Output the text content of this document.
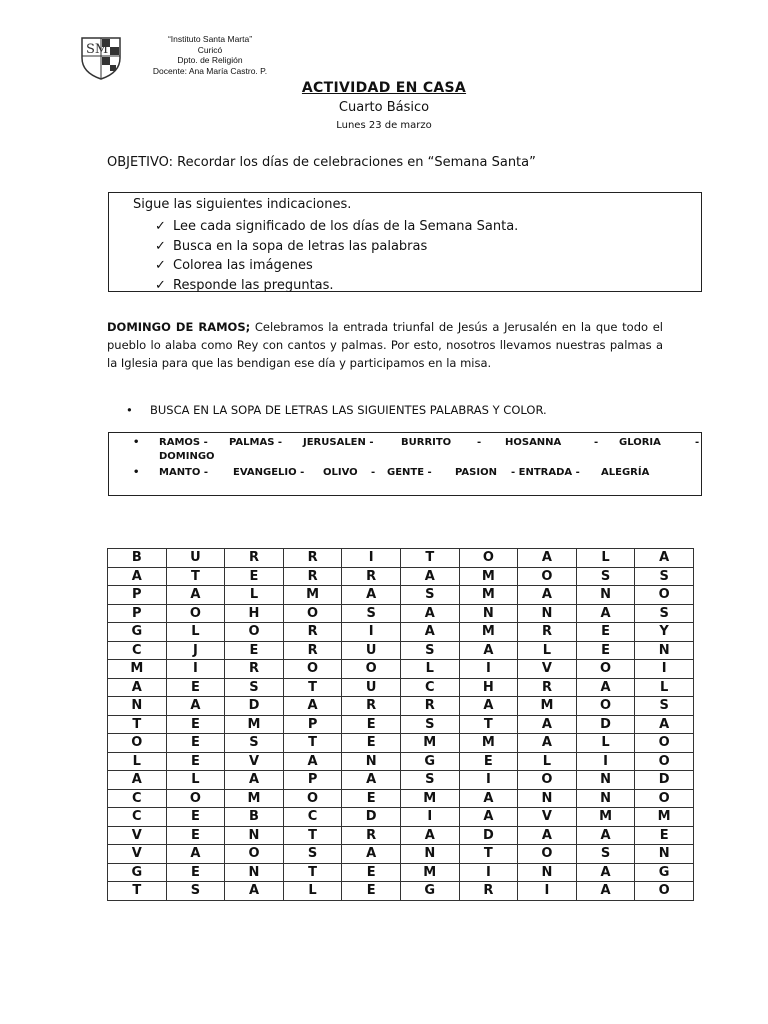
SM
“Instituto Santa Marta”
Curicó
Dpto. de Religión
Docente: Ana María Castro. P.
ACTIVIDAD EN CASA
Cuarto Básico
Lunes 23 de marzo
OBJETIVO: Recordar los días de celebraciones en “Semana Santa”
Sigue las siguientes indicaciones.
✓ Lee cada significado de los días de la Semana Santa.
✓ Busca en la sopa de letras las palabras
✓ Colorea las imágenes
✓ Responde las preguntas.
DOMINGO DE RAMOS; Celebramos la entrada triunfal de Jesús a Jerusalén en la que todo el pueblo lo alaba como Rey con cantos y palmas. Por esto, nosotros llevamos nuestras palmas a la Iglesia para que las bendigan ese día y participamos en la misa.
•	BUSCA EN LA SOPA DE LETRAS LAS SIGUIENTES PALABRAS Y COLOR.
• RAMOS - PALMAS - JERUSALEN -	BURRITO	- HOSANNA	- GLORIA	-
DOMINGO
• MANTO - EVANGELIO - OLIVO - GENTE - PASION - ENTRADA - ALEGRÍA
B	U	R	R	I	T	O	A	L	A
A	T	E	R	R	A	M	O	S	S
P	A	L	M	A	S	M	A	N	O
P	O	H	O	S	A	N	N	A	S
G	L	O	R	I	A	M	R	E	Y
C	J	E	R	U	S	A	L	E	N
M	I	R	O	O	L	I	V	O	I
A	E	S	T	U	C	H	R	A	L
N	A	D	A	R	R	A	M	O	S
T	E	M	P	E	S	T	A	D	A
O	E	S	T	E	M	M	A	L	O
L	E	V	A	N	G	E	L	I	O
A	L	A	P	A	S	I	O	N	D
C	O	M	O	E	M	A	N	N	O
C	E	B	C	D	I	A	V	M	M
V	E	N	T	R	A	D	A	A	E
V	A	O	S	A	N	T	O	S	N
G	E	N	T	E	M	I	N	A	G
T	S	A	L	E	G	R	I	A	O
